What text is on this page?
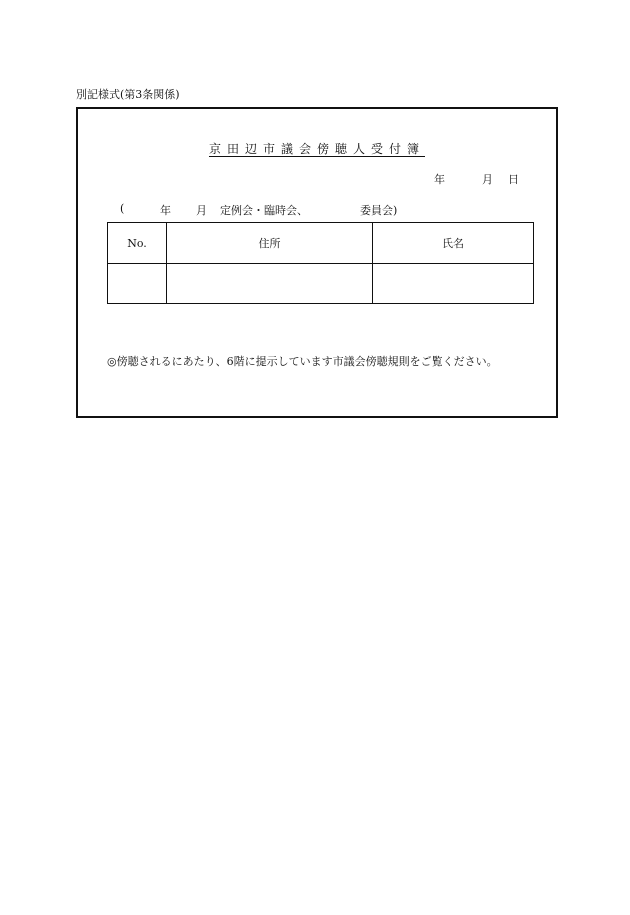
別記様式(第3条関係)
京田辺市議会傍聴人受付簿
年	月 日
(	年 月 定例会・臨時会、	委員会)
No.	住所	氏名

◎傍聴されるにあたり、6階に提示しています市議会傍聴規則をご覧ください。
